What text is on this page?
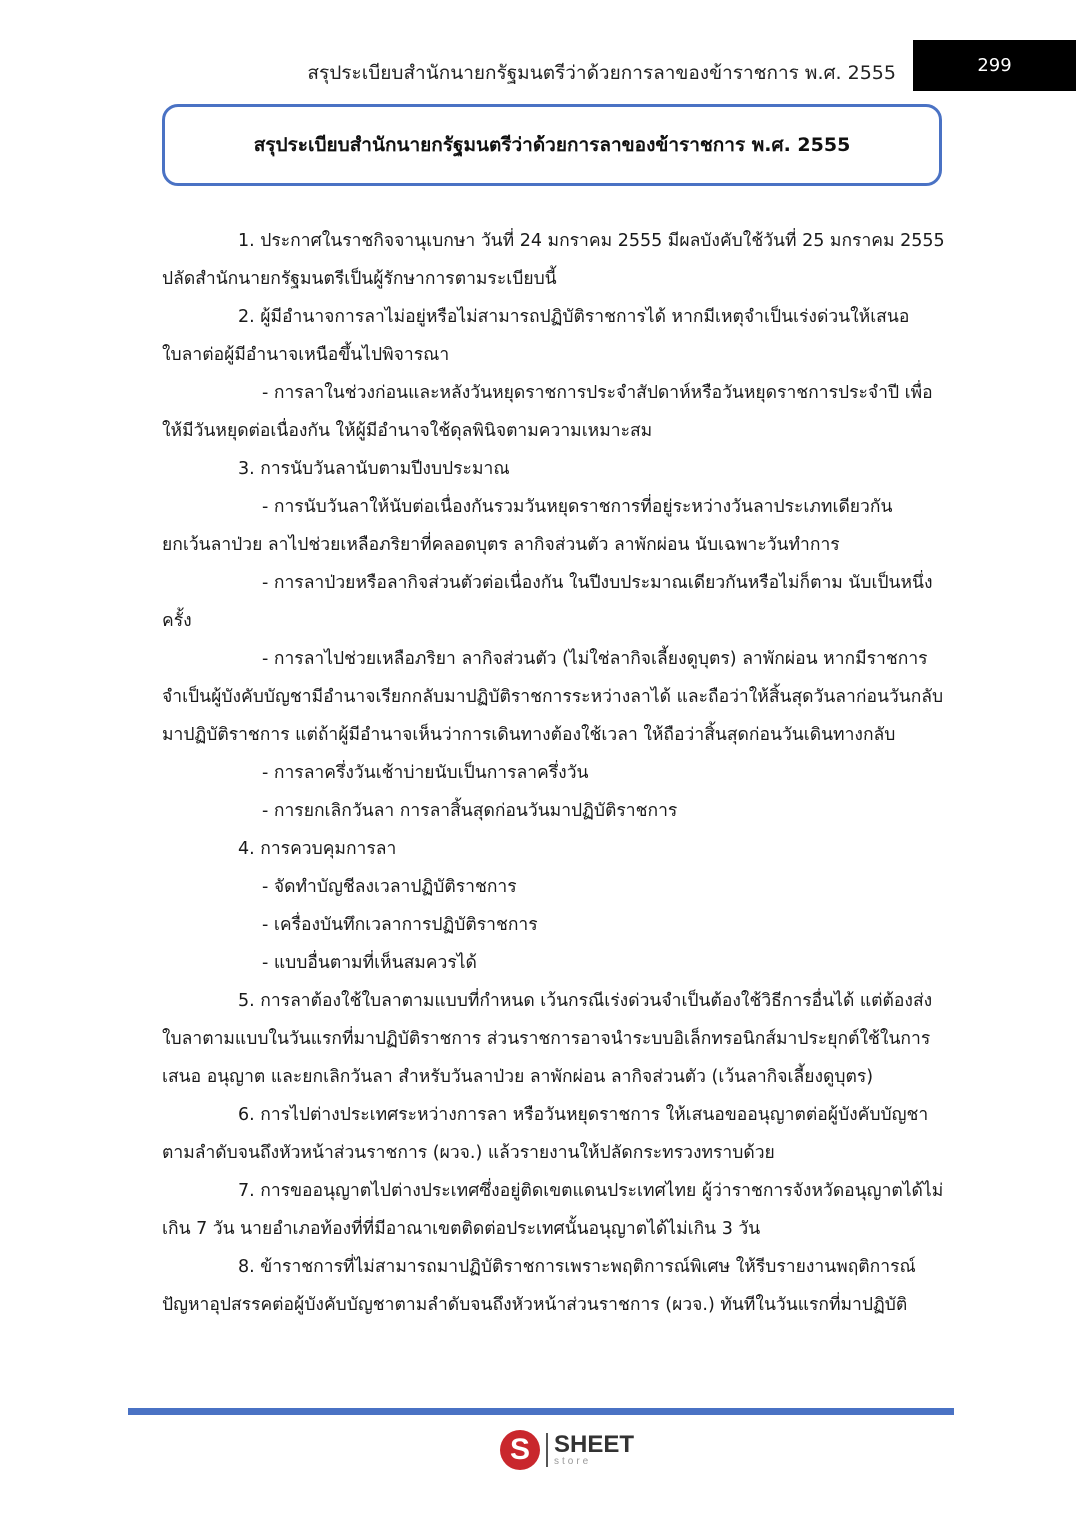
สรุประเบียบสำนักนายกรัฐมนตรีว่าด้วยการลาของข้าราชการ พ.ศ. 2555	299
สรุประเบียบสำนักนายกรัฐมนตรีว่าด้วยการลาของข้าราชการ พ.ศ. 2555

1. ประกาศในราชกิจจานุเบกษา วันที่ 24 มกราคม 2555 มีผลบังคับใช้วันที่ 25 มกราคม 2555 ปลัดสำนักนายกรัฐมนตรีเป็นผู้รักษาการตามระเบียบนี้

2. ผู้มีอำนาจการลาไม่อยู่หรือไม่สามารถปฏิบัติราชการได้ หากมีเหตุจำเป็นเร่งด่วนให้เสนอใบลาต่อผู้มีอำนาจเหนือขึ้นไปพิจารณา

- การลาในช่วงก่อนและหลังวันหยุดราชการประจำสัปดาห์หรือวันหยุดราชการประจำปี เพื่อให้มีวันหยุดต่อเนื่องกัน ให้ผู้มีอำนาจใช้ดุลพินิจตามความเหมาะสม

3. การนับวันลานับตามปีงบประมาณ

- การนับวันลาให้นับต่อเนื่องกันรวมวันหยุดราชการที่อยู่ระหว่างวันลาประเภทเดียวกัน ยกเว้นลาป่วย ลาไปช่วยเหลือภริยาที่คลอดบุตร ลากิจส่วนตัว ลาพักผ่อน นับเฉพาะวันทำการ

- การลาป่วยหรือลากิจส่วนตัวต่อเนื่องกัน ในปีงบประมาณเดียวกันหรือไม่ก็ตาม นับเป็นหนึ่งครั้ง

- การลาไปช่วยเหลือภริยา ลากิจส่วนตัว (ไม่ใช่ลากิจเลี้ยงดูบุตร) ลาพักผ่อน หากมีราชการจำเป็นผู้บังคับบัญชามีอำนาจเรียกกลับมาปฏิบัติราชการระหว่างลาได้ และถือว่าให้สิ้นสุดวันลาก่อนวันกลับมาปฏิบัติราชการ แต่ถ้าผู้มีอำนาจเห็นว่าการเดินทางต้องใช้เวลา ให้ถือว่าสิ้นสุดก่อนวันเดินทางกลับ

- การลาครึ่งวันเช้าบ่ายนับเป็นการลาครึ่งวัน

- การยกเลิกวันลา การลาสิ้นสุดก่อนวันมาปฏิบัติราชการ

4. การควบคุมการลา

- จัดทำบัญชีลงเวลาปฏิบัติราชการ

- เครื่องบันทึกเวลาการปฏิบัติราชการ

- แบบอื่นตามที่เห็นสมควรได้

5. การลาต้องใช้ใบลาตามแบบที่กำหนด เว้นกรณีเร่งด่วนจำเป็นต้องใช้วิธีการอื่นได้ แต่ต้องส่งใบลาตามแบบในวันแรกที่มาปฏิบัติราชการ ส่วนราชการอาจนำระบบอิเล็กทรอนิกส์มาประยุกต์ใช้ในการเสนอ อนุญาต และยกเลิกวันลา สำหรับวันลาป่วย ลาพักผ่อน ลากิจส่วนตัว (เว้นลากิจเลี้ยงดูบุตร)

6. การไปต่างประเทศระหว่างการลา หรือวันหยุดราชการ ให้เสนอขออนุญาตต่อผู้บังคับบัญชาตามลำดับจนถึงหัวหน้าส่วนราชการ (ผวจ.) แล้วรายงานให้ปลัดกระทรวงทราบด้วย

7. การขออนุญาตไปต่างประเทศซึ่งอยู่ติดเขตแดนประเทศไทย ผู้ว่าราชการจังหวัดอนุญาตได้ไม่เกิน 7 วัน นายอำเภอท้องที่ที่มีอาณาเขตติดต่อประเทศนั้นอนุญาตได้ไม่เกิน 3 วัน

8. ข้าราชการที่ไม่สามารถมาปฏิบัติราชการเพราะพฤติการณ์พิเศษ ให้รีบรายงานพฤติการณ์ปัญหาอุปสรรคต่อผู้บังคับบัญชาตามลำดับจนถึงหัวหน้าส่วนราชการ (ผวจ.) ทันทีในวันแรกที่มาปฏิบัติ

S	SHEET
store
